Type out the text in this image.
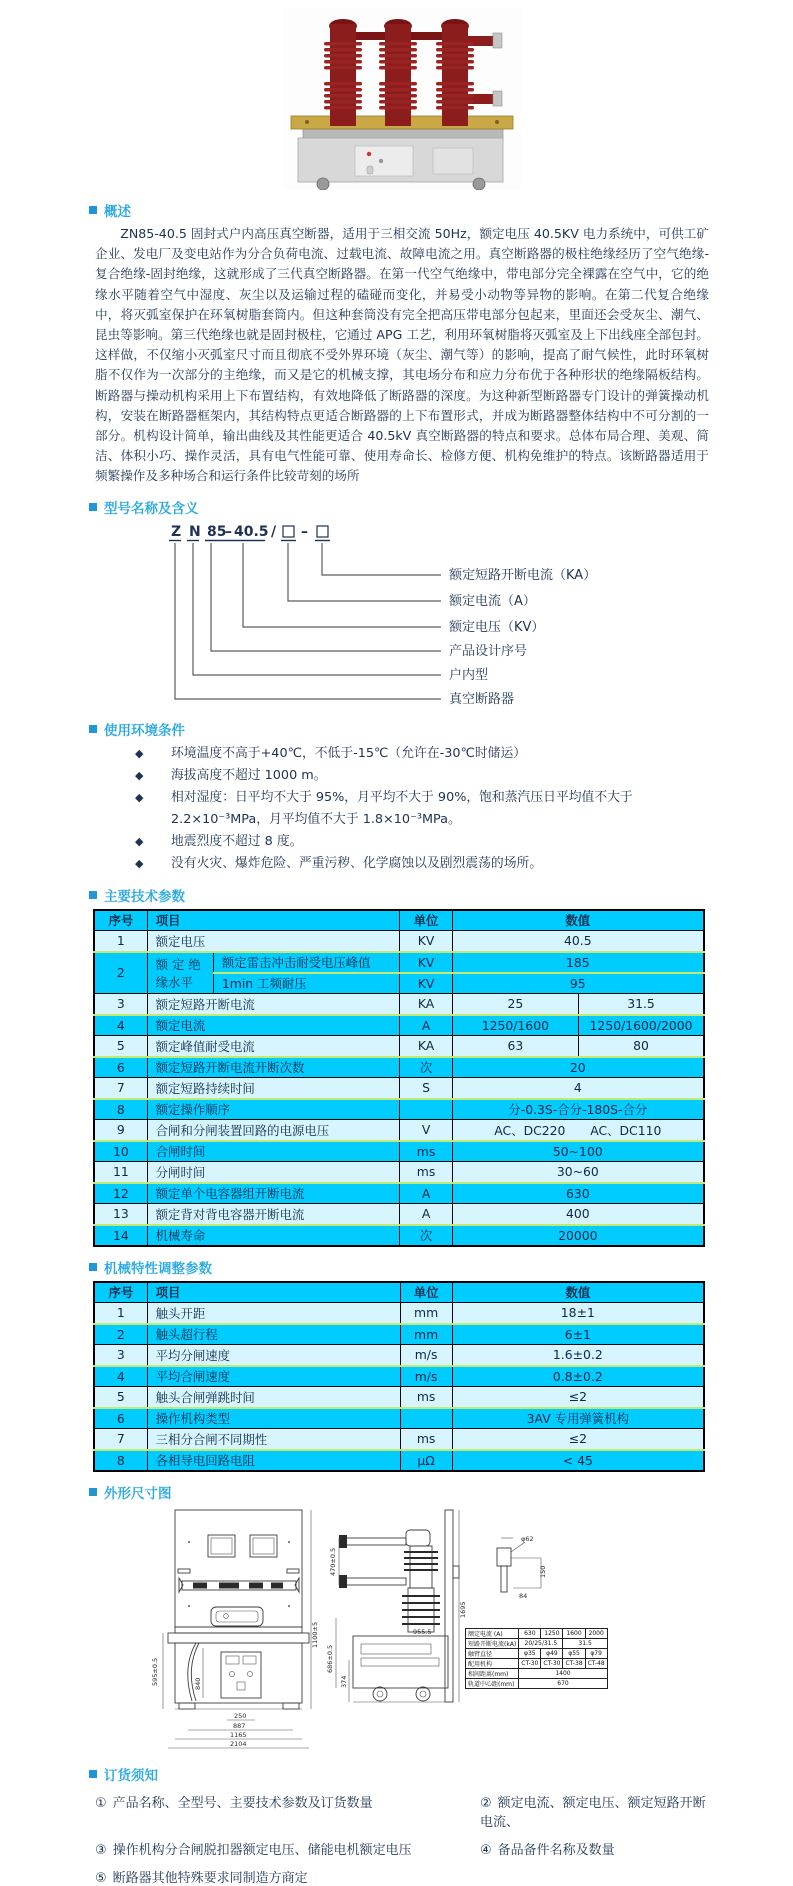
概述
ZN85-40.5 固封式户内高压真空断器，适用于三相交流 50Hz，额定电压 40.5KV 电力系统中，可供工矿企业、发电厂及变电站作为分合负荷电流、过载电流、故障电流之用。真空断路器的极柱绝缘经历了空气绝缘-复合绝缘-固封绝缘，这就形成了三代真空断路器。在第一代空气绝缘中，带电部分完全裸露在空气中，它的绝缘水平随着空气中湿度、灰尘以及运输过程的磕碰而变化，并易受小动物等异物的影响。在第二代复合绝缘中，将灭弧室保护在环氧树脂套筒内。但这种套筒没有完全把高压带电部分包起来，里面还会受灰尘、潮气、昆虫等影响。第三代绝缘也就是固封极柱，它通过 APG 工艺，利用环氧树脂将灭弧室及上下出线座全部包封。这样做，不仅缩小灭弧室尺寸而且彻底不受外界环境（灰尘、潮气等）的影响，提高了耐气候性，此时环氧树脂不仅作为一次部分的主绝缘，而又是它的机械支撑，其电场分布和应力分布优于各种形状的绝缘隔板结构。断路器与操动机构采用上下布置结构，有效地降低了断路器的深度。为这种新型断路器专门设计的弹簧操动机构，安装在断路器框架内，其结构特点更适合断路器的上下布置形式，并成为断路器整体结构中不可分割的一部分。机构设计简单，输出曲线及其性能更适合 40.5kV 真空断路器的特点和要求。总体布局合理、美观、简洁、体积小巧、操作灵活，具有电气性能可靠、使用寿命长、检修方便、机构免维护的特点。该断路器适用于频繁操作及多种场合和运行条件比较苛刻的场所
型号名称及含义
Z N 85
– 40.5 / –
额定短路开断电流（KA）
额定电流（A）
额定电压（KV）
产品设计序号
户内型
真空断路器
使用环境条件
◆ 环境温度不高于+40℃，不低于-15℃（允许在-30℃时储运）
◆ 海拔高度不超过 1000 m。
◆ 相对湿度：日平均不大于 95%，月平均不大于 90%，饱和蒸汽压日平均值不大于 2.2×10⁻³MPa，月平均值不大于 1.8×10⁻³MPa。
◆ 地震烈度不超过 8 度。
◆ 没有火灾、爆炸危险、严重污秽、化学腐蚀以及剧烈震荡的场所。
主要技术参数
序号	项目		单位	数值	
1	额定电压		KV	40.5	
2	额 定 绝 缘水平	额定雷击冲击耐受电压峰值	KV	185	
		1min 工频耐压	KV	95	
3	额定短路开断电流		KA	25	31.5
4	额定电流		A	1250/1600	1250/1600/2000
5	额定峰值耐受电流		KA	63	80
6	额定短路开断电流开断次数		次	20	
7	额定短路持续时间		S	4	
8	额定操作顺序			分-0.3S-合分-180S-合分	
9	合闸和分闸装置回路的电源电压		V	AC、DC220　　AC、DC110	
10	合闸时间		ms	50~100	
11	分闸时间		ms	30~60	
12	额定单个电容器组开断电流		A	630	
13	额定背对背电容器开断电流		A	400	
14	机械寿命		次	20000	
机械特性调整参数
序号	项目	单位	数值
1	触头开距	mm	18±1
2	触头超行程	mm	6±1
3	平均分闸速度	m/s	1.6±0.2
4	平均合闸速度	m/s	0.8±0.2
5	触头合闸弹跳时间	ms	≤2
6	操作机构类型		3AV 专用弹簧机构
7	三相分合闸不同期性	ms	≤2
8	各相导电回路电阻	μΩ	< 45
外形尺寸图
595±0.5	840
1100±5
250
887
1165
2104
470±0.5
686±0.5
955.5
374
1695
φ62
150
84
额定电流 (A)	630	1250	1600	2000
短路开断电流(kA)	20/25/31.5		31.5	
触臂直径	φ35	φ49	φ55	φ79
配用机构	CT-30	CT-30	CT-38	CT-48
相间距离(mm)	1400			
轨道中心距(mm)	670			
订货须知
① 产品名称、全型号、主要技术参数及订货数量	② 额定电流、额定电压、额定短路开断电流、
③ 操作机构分合闸脱扣器额定电压、储能电机额定电压	④ 备品备件名称及数量
⑤ 断路器其他特殊要求同制造方商定
